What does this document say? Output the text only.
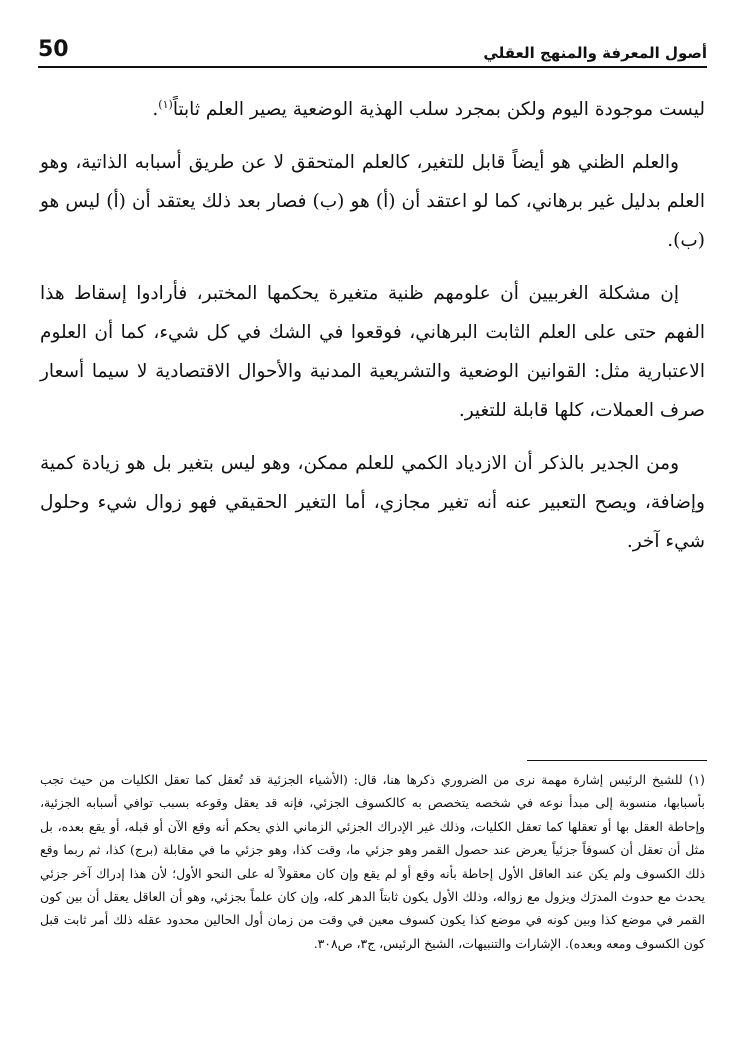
50	أصول المعرفة والمنهج العقلي

ليست موجودة اليوم ولكن بمجرد سلب الهذية الوضعية يصير العلم ثابتاً$^{(١)}$.

والعلم الظني هو أيضاً قابل للتغير، كالعلم المتحقق لا عن طريق أسبابه الذاتية، وهو العلم بدليل غير برهاني، كما لو اعتقد أن (أ) هو (ب) فصار بعد ذلك يعتقد أن (أ) ليس هو (ب).

إن مشكلة الغربيين أن علومهم ظنية متغيرة يحكمها المختبر، فأرادوا إسقاط هذا الفهم حتى على العلم الثابت البرهاني، فوقعوا في الشك في كل شيء، كما أن العلوم الاعتبارية مثل: القوانين الوضعية والتشريعية المدنية والأحوال الاقتصادية لا سيما أسعار صرف العملات، كلها قابلة للتغير.

ومن الجدير بالذكر أن الازدياد الكمي للعلم ممكن، وهو ليس بتغير بل هو زيادة كمية وإضافة، ويصح التعبير عنه أنه تغير مجازي، أما التغير الحقيقي فهو زوال شيء وحلول شيء آخر.

(١)للشيخ الرئيس إشارة مهمة نرى من الضروري ذكرها هنا، قال: (الأشياء الجزئية قد تُعقل كما تعقل الكليات من حيث تجب بأسبابها، منسوبة إلى مبدأ نوعه في شخصه يتخصص به كالكسوف الجزئي، فإنه قد يعقل وقوعه بسبب توافي أسبابه الجزئية، وإحاطة العقل بها أو تعقلها كما تعقل الكليات، وذلك غير الإدراك الجزئي الزماني الذي يحكم أنه وقع الآن أو قبله، أو يقع بعده، بل مثل أن تعقل أن كسوفاً جزئياً يعرض عند حصول القمر وهو جزئي ما، وقت كذا، وهو جزئي ما في مقابلة (برج) كذا، ثم ربما وقع ذلك الكسوف ولم يكن عند العاقل الأول إحاطة بأنه وقع أو لم يقع وإن كان معقولاً له على النحو الأول؛ لأن هذا إدراك آخر جزئي يحدث مع حدوث المدرَك ويزول مع زواله، وذلك الأول يكون ثابتاً الدهر كله، وإن كان علماً بجزئي، وهو أن العاقل يعقل أن بين كون القمر في موضع كذا وبين كونه في موضع كذا يكون كسوف معين في وقت من زمان أول الحالين محدود عقله ذلك أمر ثابت قبل كون الكسوف ومعه وبعده). الإشارات والتنبيهات، الشيخ الرئيس، ج٣، ص٣٠٨.
